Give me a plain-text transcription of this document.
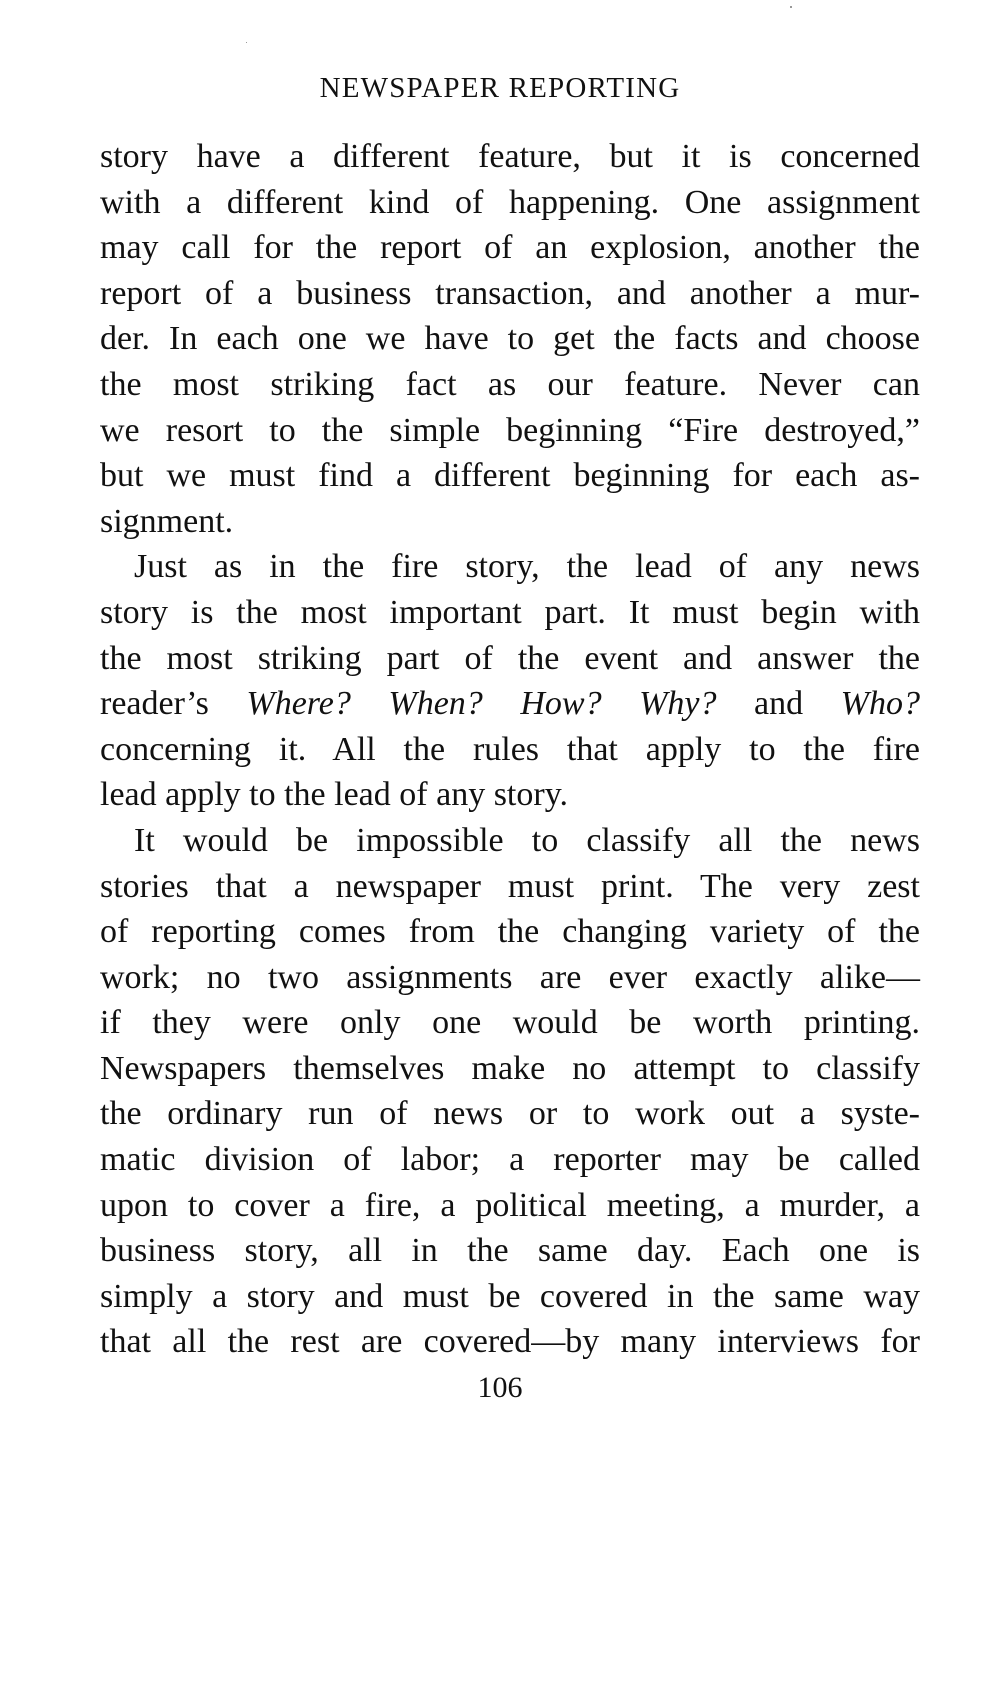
NEWSPAPER REPORTING
story have a different feature, but it is concerned
with a different kind of happening. One assignment
may call for the report of an explosion, another the
report of a business transaction, and another a mur-
der. In each one we have to get the facts and choose
the most striking fact as our feature. Never can
we resort to the simple beginning “Fire destroyed,”
but we must find a different beginning for each as-
signment.
Just as in the fire story, the lead of any news
story is the most important part. It must begin with
the most striking part of the event and answer the
reader’s Where? When? How? Why? and Who?
concerning it. All the rules that apply to the fire
lead apply to the lead of any story.
It would be impossible to classify all the news
stories that a newspaper must print. The very zest
of reporting comes from the changing variety of the
work; no two assignments are ever exactly alike—
if they were only one would be worth printing.
Newspapers themselves make no attempt to classify
the ordinary run of news or to work out a syste-
matic division of labor; a reporter may be called
upon to cover a fire, a political meeting, a murder, a
business story, all in the same day. Each one is
simply a story and must be covered in the same way
that all the rest are covered—by many interviews for
106
